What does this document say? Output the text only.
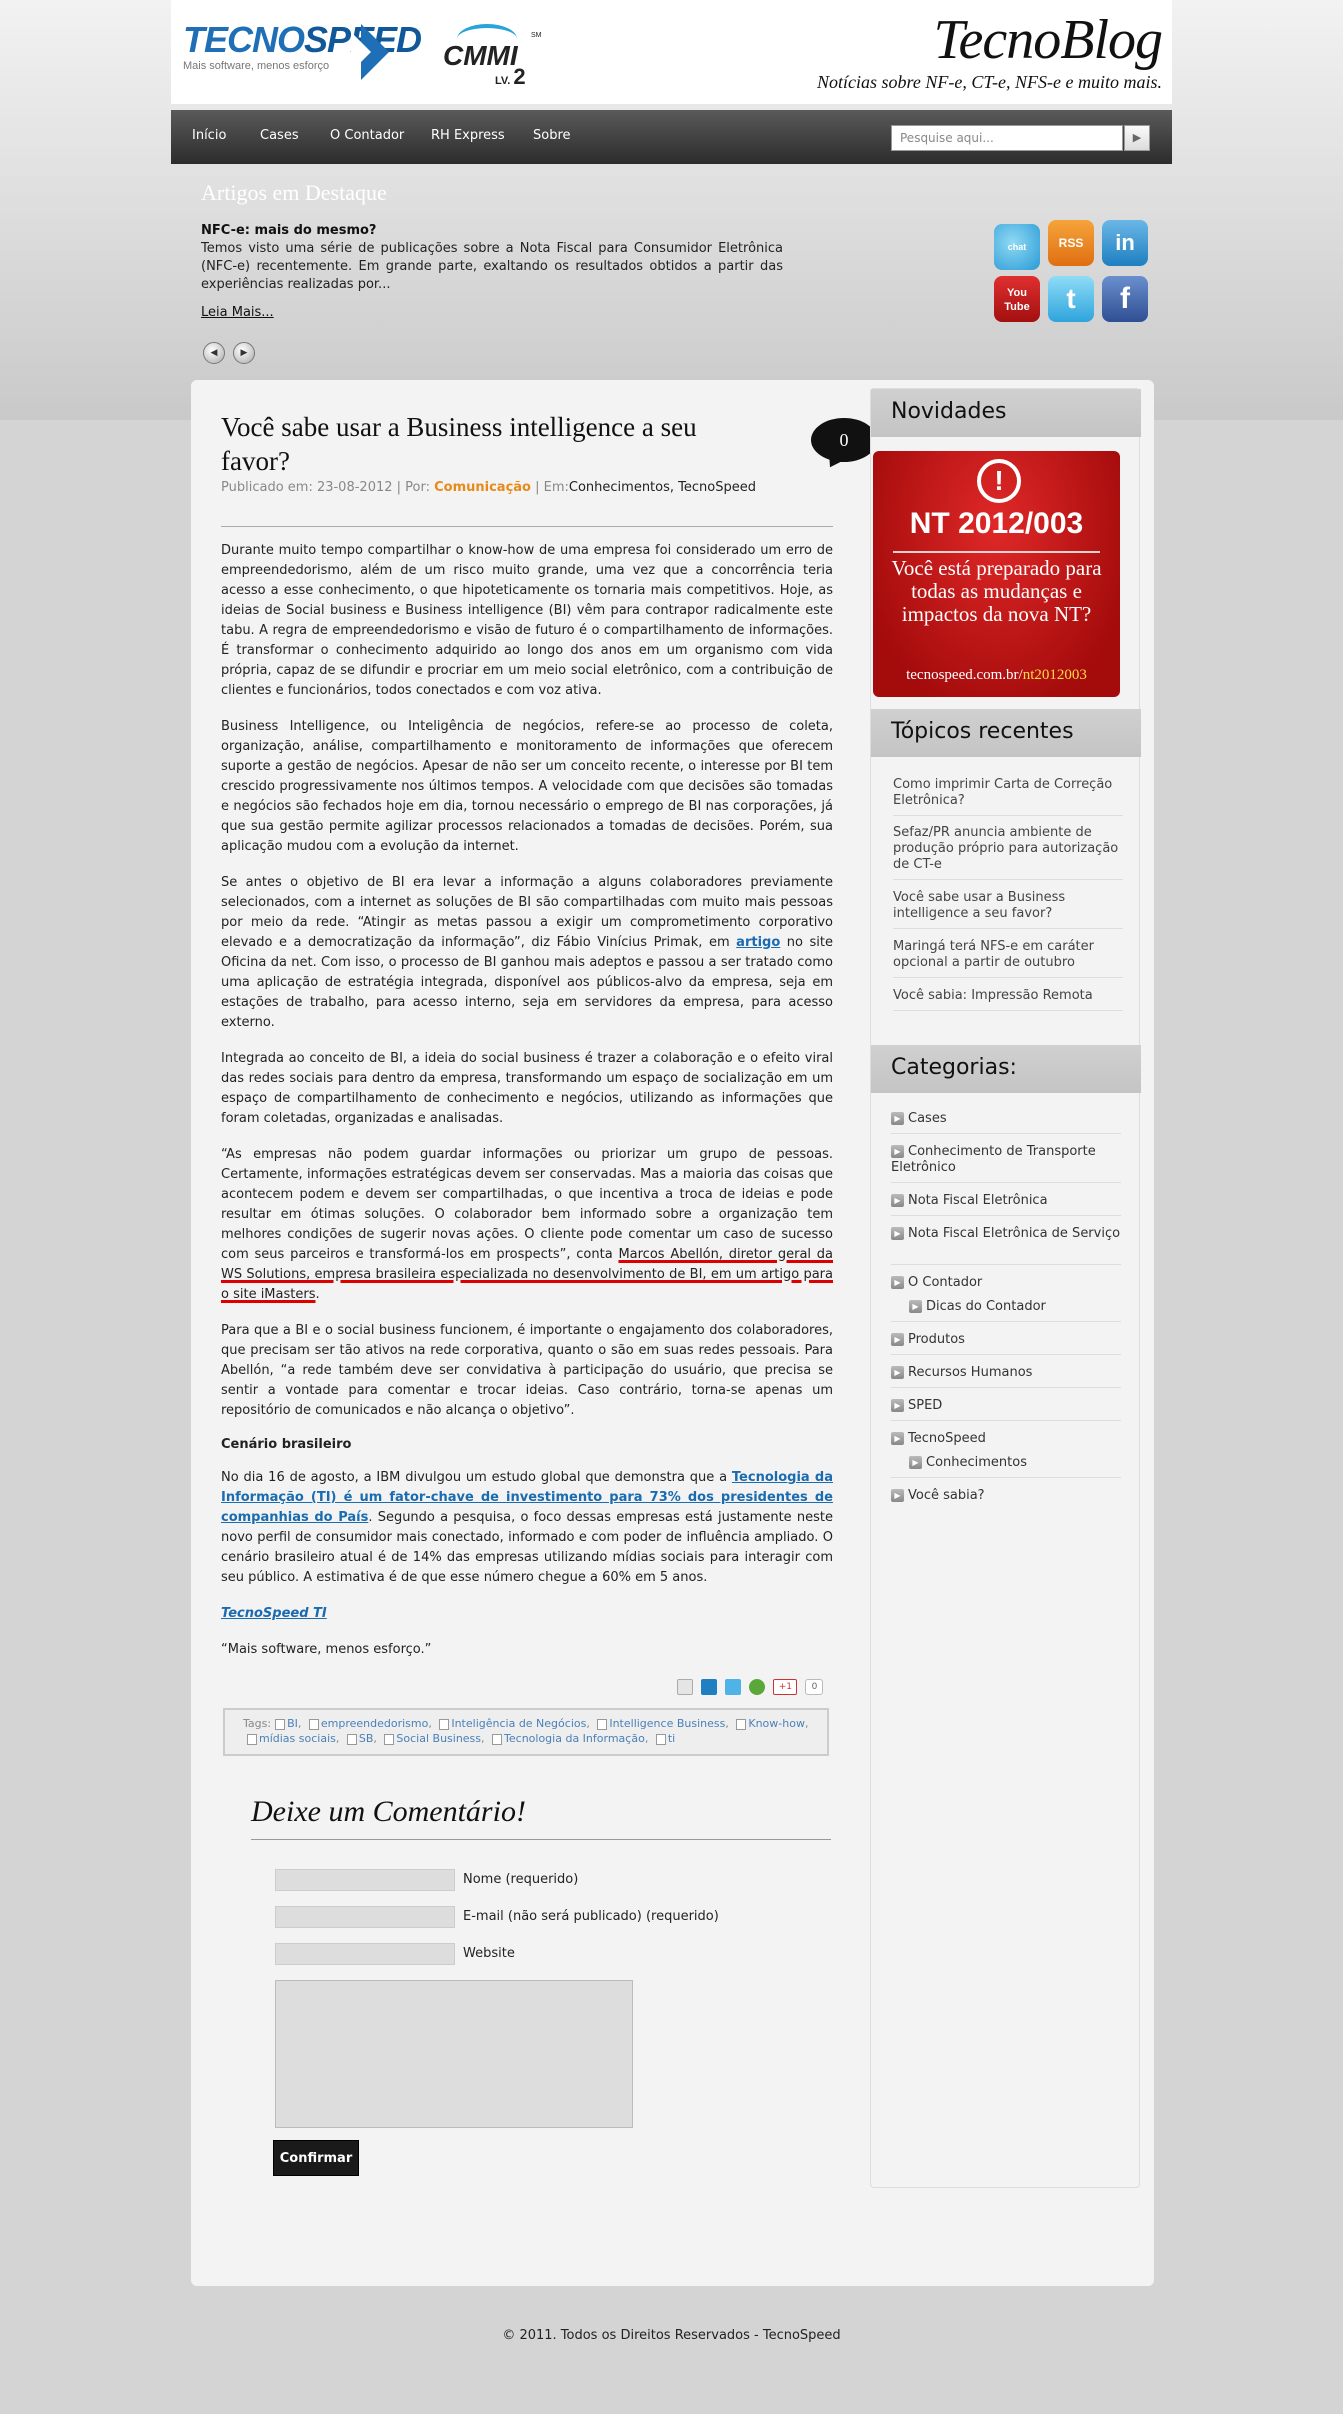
TECNOSPEED
Mais software, menos esforço	CMMI
LV. 2
SM	TecnoBlog
Notícias sobre NF-e, CT-e, NFS-e e muito mais.
Início	Cases O Contador RH Express Sobre	Pesquise aqui...	▶
Artigos em Destaque
NFC-e: mais do mesmo?
Temos visto uma série de publicações sobre a Nota Fiscal para Consumidor Eletrônica (NFC-e) recentemente. Em grande parte, exaltando os resultados obtidos a partir das experiências realizadas por...
Leia Mais...
◀	▶
chat	RSS	in
You Tube	t	f
Você sabe usar a Business intelligence a seu favor?
0
Publicado em: 23-08-2012 | Por: Comunicação | Em: Conhecimentos, TecnoSpeed

Durante muito tempo compartilhar o know-how de uma empresa foi considerado um erro de empreendedorismo, além de um risco muito grande, uma vez que a concorrência teria acesso a esse conhecimento, o que hipoteticamente os tornaria mais competitivos. Hoje, as ideias de Social business e Business intelligence (BI) vêm para contrapor radicalmente este tabu. A regra de empreendedorismo e visão de futuro é o compartilhamento de informações. É transformar o conhecimento adquirido ao longo dos anos em um organismo com vida própria, capaz de se difundir e procriar em um meio social eletrônico, com a contribuição de clientes e funcionários, todos conectados e com voz ativa.

Business Intelligence, ou Inteligência de negócios, refere-se ao processo de coleta, organização, análise, compartilhamento e monitoramento de informações que oferecem suporte a gestão de negócios. Apesar de não ser um conceito recente, o interesse por BI tem crescido progressivamente nos últimos tempos. A velocidade com que decisões são tomadas e negócios são fechados hoje em dia, tornou necessário o emprego de BI nas corporações, já que sua gestão permite agilizar processos relacionados a tomadas de decisões. Porém, sua aplicação mudou com a evolução da internet.

Se antes o objetivo de BI era levar a informação a alguns colaboradores previamente selecionados, com a internet as soluções de BI são compartilhadas com muito mais pessoas por meio da rede. “Atingir as metas passou a exigir um comprometimento corporativo elevado e a democratização da informação”, diz Fábio Vinícius Primak, em artigo no site Oficina da net. Com isso, o processo de BI ganhou mais adeptos e passou a ser tratado como uma aplicação de estratégia integrada, disponível aos públicos-alvo da empresa, seja em estações de trabalho, para acesso interno, seja em servidores da empresa, para acesso externo.

Integrada ao conceito de BI, a ideia do social business é trazer a colaboração e o efeito viral das redes sociais para dentro da empresa, transformando um espaço de socialização em um espaço de compartilhamento de conhecimento e negócios, utilizando as informações que foram coletadas, organizadas e analisadas.

“As empresas não podem guardar informações ou priorizar um grupo de pessoas. Certamente, informações estratégicas devem ser conservadas. Mas a maioria das coisas que acontecem podem e devem ser compartilhadas, o que incentiva a troca de ideias e pode resultar em ótimas soluções. O colaborador bem informado sobre a organização tem melhores condições de sugerir novas ações. O cliente pode comentar um caso de sucesso com seus parceiros e transformá-los em prospects”, conta Marcos Abellón, diretor geral da WS Solutions, empresa brasileira especializada no desenvolvimento de BI, em um artigo para o site iMasters.

Para que a BI e o social business funcionem, é importante o engajamento dos colaboradores, que precisam ser tão ativos na rede corporativa, quanto o são em suas redes pessoais. Para Abellón, “a rede também deve ser convidativa à participação do usuário, que precisa se sentir a vontade para comentar e trocar ideias. Caso contrário, torna-se apenas um repositório de comunicados e não alcança o objetivo”.

Cenário brasileiro

No dia 16 de agosto, a IBM divulgou um estudo global que demonstra que a Tecnologia da Informação (TI) é um fator-chave de investimento para 73% dos presidentes de companhias do País. Segundo a pesquisa, o foco dessas empresas está justamente neste novo perfil de consumidor mais conectado, informado e com poder de influência ampliado. O cenário brasileiro atual é de 14% das empresas utilizando mídias sociais para interagir com seu público. A estimativa é de que esse número chegue a 60% em 5 anos.

TecnoSpeed TI

“Mais software, menos esforço.”

+1 0
Tags: BI, empreendedorismo, Inteligência de Negócios, Intelligence Business, Know-how,
mídias sociais, SB, Social Business, Tecnologia da Informação, ti
Deixe um Comentário!
Nome (requerido)
E-mail (não será publicado) (requerido)
Website
Confirmar
Novidades
!
NT 2012/003
Você está preparado para todas as mudanças e impactos da nova NT?
tecnospeed.com.br/nt2012003
Tópicos recentes
Como imprimir Carta de Correção Eletrônica?
Sefaz/PR anuncia ambiente de produção próprio para autorização de CT-e
Você sabe usar a Business intelligence a seu favor?
Maringá terá NFS-e em caráter opcional a partir de outubro
Você sabia: Impressão Remota
Categorias:
▶ Cases
▶ Conhecimento de Transporte Eletrônico
▶ Nota Fiscal Eletrônica
▶ Nota Fiscal Eletrônica de Serviço
▶ O Contador
▶ Dicas do Contador
▶ Produtos
▶ Recursos Humanos
▶ SPED
▶ TecnoSpeed
▶ Conhecimentos
▶ Você sabia?
© 2011. Todos os Direitos Reservados - TecnoSpeed
